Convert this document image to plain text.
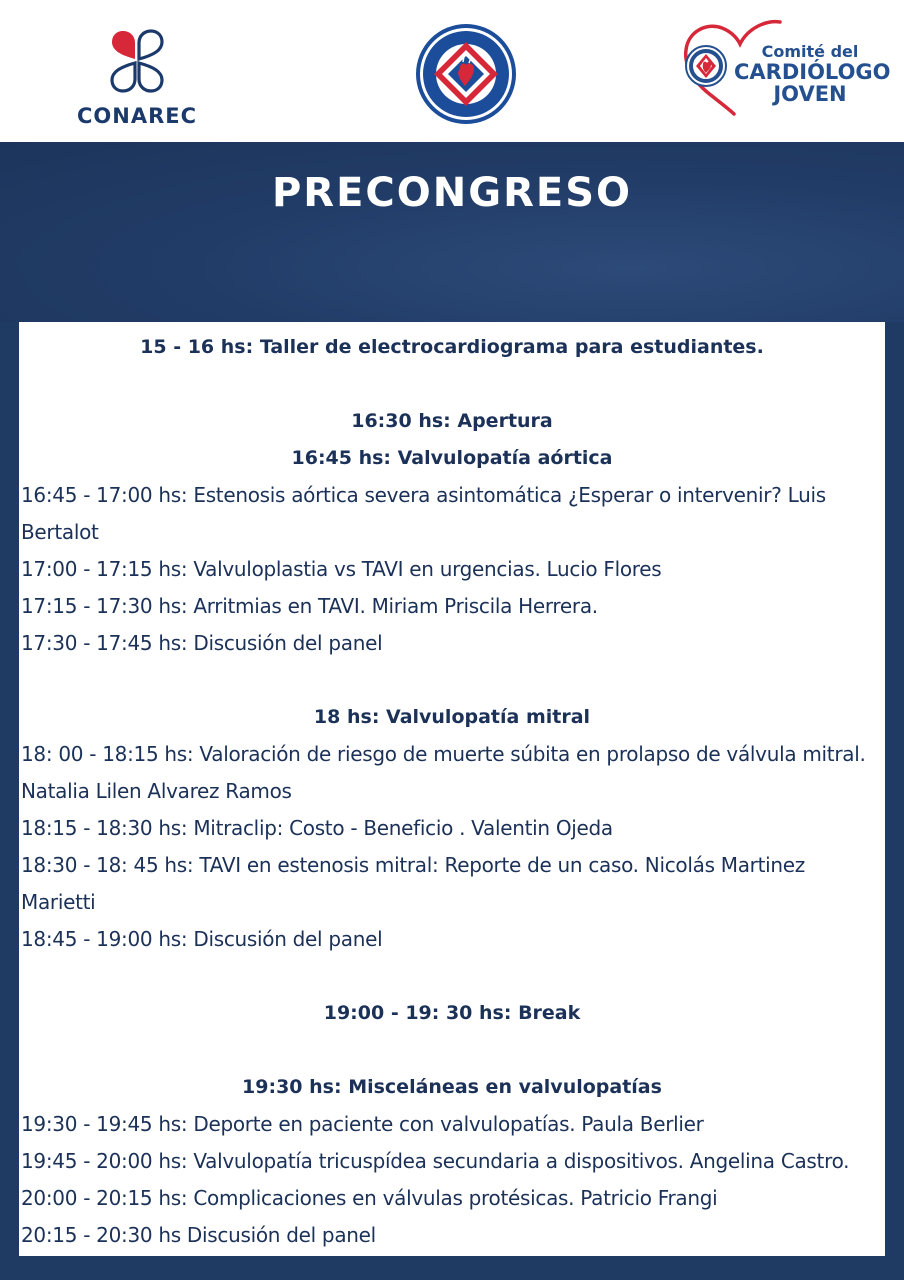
CONAREC
Comité del
CARDIÓLOGO
JOVEN
PRECONGRESO
15 - 16 hs: Taller de electrocardiograma para estudiantes.
16:30 hs: Apertura
16:45 hs: Valvulopatía aórtica
16:45 - 17:00 hs: Estenosis aórtica severa asintomática ¿Esperar o intervenir? Luis
Bertalot
17:00 - 17:15 hs: Valvuloplastia vs TAVI en urgencias. Lucio Flores
17:15 - 17:30 hs: Arritmias en TAVI. Miriam Priscila Herrera.
17:30 - 17:45 hs: Discusión del panel
18 hs: Valvulopatía mitral
18: 00 - 18:15 hs: Valoración de riesgo de muerte súbita en prolapso de válvula mitral.
Natalia Lilen Alvarez Ramos
18:15 - 18:30 hs: Mitraclip: Costo - Beneficio . Valentin Ojeda
18:30 - 18: 45 hs: TAVI en estenosis mitral: Reporte de un caso. Nicolás Martinez
Marietti
18:45 - 19:00 hs: Discusión del panel
19:00 - 19: 30 hs: Break
19:30 hs: Misceláneas en valvulopatías
19:30 - 19:45 hs: Deporte en paciente con valvulopatías. Paula Berlier
19:45 - 20:00 hs: Valvulopatía tricuspídea secundaria a dispositivos. Angelina Castro.
20:00 - 20:15 hs: Complicaciones en válvulas protésicas. Patricio Frangi
20:15 - 20:30 hs Discusión del panel
